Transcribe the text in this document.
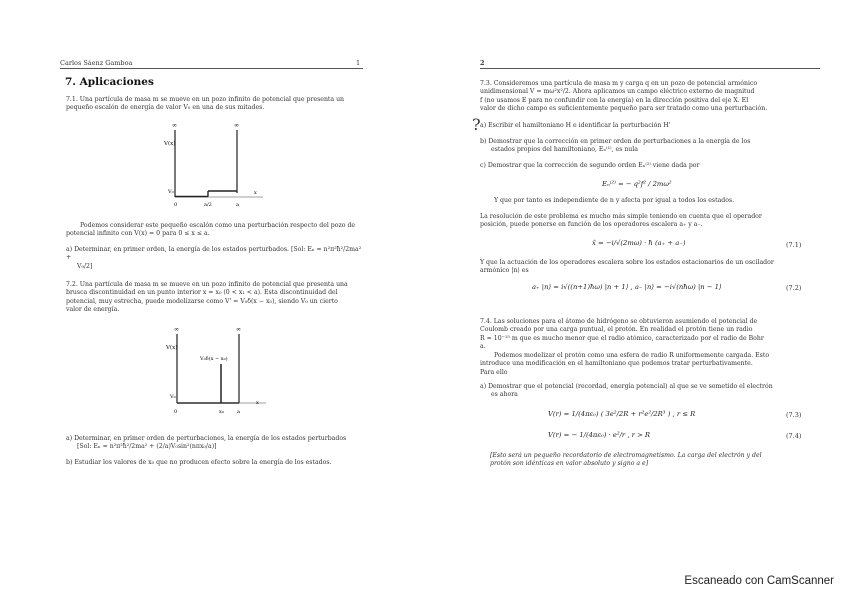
Carlos Sáenz Gamboa	1
7. Aplicaciones
7.1. Una partícula de masa m se mueve en un pozo infinito de potencial que presenta un
pequeño escalón de energía de valor V₀ en una de sus mitades.
∞	∞
V(x)
V₀
0	a/2	a
x
Podemos considerar este pequeño escalón como una perturbación respecto del pozo de
potencial infinito con V(x) = 0 para 0 ≤ x ≤ a.
a) Determinar, en primer orden, la energía de los estados perturbados. [Sol: Eₙ ≈ n²π²ħ²/2ma² +
V₀/2]
7.2. Una partícula de masa m se mueve en un pozo infinito de potencial que presenta una
brusca discontinuidad en un punto interior x = x₀ (0 < x₁ < a). Esta discontinuidad del
potencial, muy estrecha, puede modelizarse como V' = V₀δ(x − x₀), siendo V₀ un cierto
valor de energía.
∞	∞
V(x)
V₀δ(x − x₀)
V₀
0	x₀	a
x
a) Determinar, en primer orden de perturbaciones, la energía de los estados perturbados
[Sol: Eₙ ≈ n²π²ħ²/2ma² + (2/a)V₀sin²(nπx₀/a)]
b) Estudiar los valores de x₀ que no producen efecto sobre la energía de los estados.
2
7.3. Consideremos una partícula de masa m y carga q en un pozo de potencial armónico
unidimensional V = mω²x²/2. Ahora aplicamos un campo eléctrico externo de magnitud
f (no usamos E para no confundir con la energía) en la dirección positiva del eje X. El
valor de dicho campo es suficientemente pequeño para ser tratado como una perturbación.
? a) Escribir el hamiltoniano H e identificar la perturbación H'
b) Demostrar que la corrección en primer orden de perturbaciones a la energía de los
estados propios del hamiltoniano, Eₙ⁽¹⁾, es nula
c) Demostrar que la corrección de segundo orden Eₙ⁽²⁾ viene dada por
Eₙ⁽²⁾ = − q²f² / 2mω²
Y que por tanto es independiente de n y afecta por igual a todos los estados.
La resolución de este problema es mucho más simple teniendo en cuenta que el operador
posición, puede ponerse en función de los operadores escalera a₊ y a₋.
x̂ = −i/√(2mω) · ħ (a₊ + a₋)	(7.1)
Y que la actuación de los operadores escalera sobre los estados estacionarios de un oscilador
armónico |n⟩ es
a₊ |n⟩ = i√((n+1)ħω) |n + 1⟩ , a₋ |n⟩ = −i√(nħω) |n − 1⟩	(7.2)
7.4. Las soluciones para el átomo de hidrógeno se obtuvieron asumiendo el potencial de
Coulomb creado por una carga puntual, el protón. En realidad el protón tiene un radio
R ≈ 10⁻¹⁵ m que es mucho menor que el radio atómico, caracterizado por el radio de Bohr
a.
Podemos modelizar el protón como una esfera de radio R uniformemente cargada. Esto
introduce una modificación en el hamiltoniano que podemos tratar perturbativamente.
Para ello
a) Demostrar que el potencial (recordad, energía potencial) al que se ve sometido el electrón
es ahora
V(r) = 1/(4πε₀) ( 3e²/2R + r²e²/2R³ ) , r ≤ R	(7.3)
V(r) = − 1/(4πε₀) · e²/r , r > R	(7.4)
[Esto será un pequeño recordatorio de electromagnetismo. La carga del electrón y del
protón son idénticas en valor absoluto y signo a e]
Escaneado con CamScanner
